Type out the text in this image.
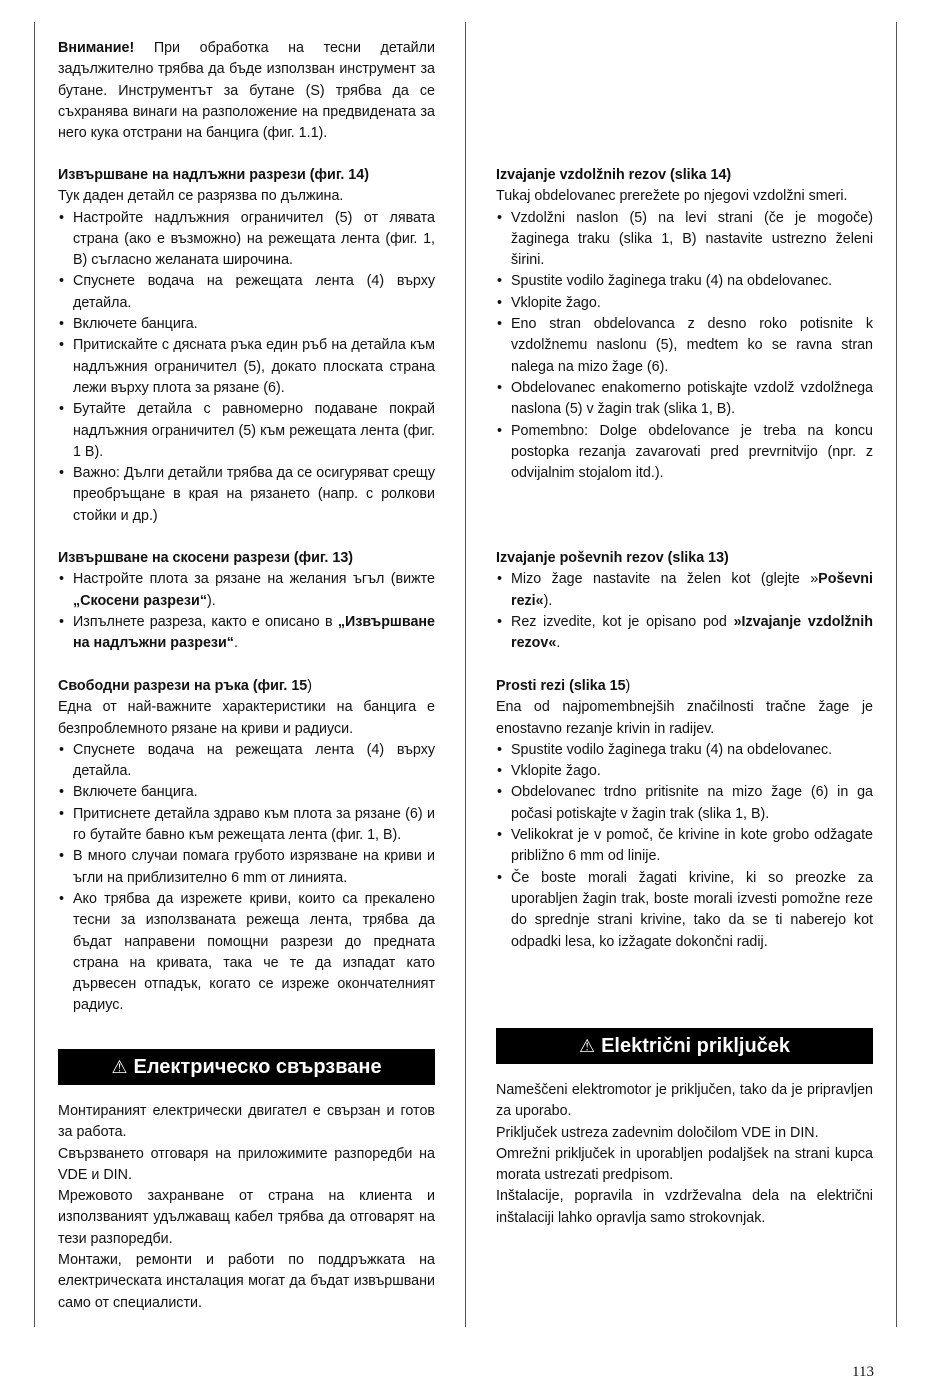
Внимание! При обработка на тесни детайли задължително трябва да бъде използван инструмент за бутане. Инструментът за бутане (S) трябва да се съхранява винаги на разположение на предвидената за него кука отстрани на банцига (фиг. 1.1).

Извършване на надлъжни разрези (фиг. 14)

Тук даден детайл се разрязва по дължина.

• Настройте надлъжния ограничител (5) от лявата страна (ако е възможно) на режещата лента (фиг. 1, В) съгласно желаната широчина.
• Спуснете водача на режещата лента (4) върху детайла.
• Включете банцига.
• Притискайте с дясната ръка един ръб на детайла към надлъжния ограничител (5), докато плоската страна лежи върху плота за рязане (6).
• Бутайте детайла с равномерно подаване покрай надлъжния ограничител (5) към режещата лента (фиг. 1 В).
• Важно: Дълги детайли трябва да се осигуряват срещу преобръщане в края на рязането (напр. с ролкови стойки и др.)
Извършване на скосени разрези (фиг. 13)
• Настройте плота за рязане на желания ъгъл (вижте „Скосени разрези“).
• Изпълнете разреза, както е описано в „Извършване на надлъжни разрези“.
Свободни разрези на ръка (фиг. 15)

Една от най-важните характеристики на банцига е безпроблемното рязане на криви и радиуси.

• Спуснете водача на режещата лента (4) върху детайла.
• Включете банцига.
• Притиснете детайла здраво към плота за рязане (6) и го бутайте бавно към режещата лента (фиг. 1, В).
• В много случаи помага грубото изрязване на криви и ъгли на приблизително 6 mm от линията.
• Ако трябва да изрежете криви, които са прекалено тесни за използваната режеща лента, трябва да бъдат направени помощни разрези до предната страна на кривата, така че те да изпадат като дървесен отпадък, когато се изреже окончателният радиус.
⚠ Електрическо свързване

Монтираният електрически двигател е свързан и готов за работа.

Свързването отговаря на приложимите разпоредби на VDE и DIN.

Мрежовото захранване от страна на клиента и използваният удължаващ кабел трябва да отговарят на тези разпоредби.

Монтажи, ремонти и работи по поддръжката на електрическата инсталация могат да бъдат извършвани само от специалисти.

Izvajanje vzdolžnih rezov (slika 14)

Tukaj obdelovanec prerežete po njegovi vzdolžni smeri.

• Vzdolžni naslon (5) na levi strani (če je mogoče) žaginega traku (slika 1, B) nastavite ustrezno želeni širini.
• Spustite vodilo žaginega traku (4) na obdelovanec.
• Vklopite žago.
• Eno stran obdelovanca z desno roko potisnite k vzdolžnemu naslonu (5), medtem ko se ravna stran nalega na mizo žage (6).
• Obdelovanec enakomerno potiskajte vzdolž vzdolžnega naslona (5) v žagin trak (slika 1, B).
• Pomembno: Dolge obdelovance je treba na koncu postopka rezanja zavarovati pred prevrnitvijo (npr. z odvijalnim stojalom itd.).
Izvajanje poševnih rezov (slika 13)
• Mizo žage nastavite na želen kot (glejte »Poševni rezi«).
• Rez izvedite, kot je opisano pod »Izvajanje vzdolžnih rezov«.
Prosti rezi (slika 15)

Ena od najpomembnejših značilnosti tračne žage je enostavno rezanje krivin in radijev.

• Spustite vodilo žaginega traku (4) na obdelovanec.
• Vklopite žago.
• Obdelovanec trdno pritisnite na mizo žage (6) in ga počasi potiskajte v žagin trak (slika 1, B).
• Velikokrat je v pomoč, če krivine in kote grobo odžagate približno 6 mm od linije.
• Če boste morali žagati krivine, ki so preozke za uporabljen žagin trak, boste morali izvesti pomožne reze do sprednje strani krivine, tako da se ti naberejo kot odpadki lesa, ko izžagate dokončni radij.
⚠ Električni priključek

Nameščeni elektromotor je priključen, tako da je pripravljen za uporabo.

Priključek ustreza zadevnim določilom VDE in DIN.

Omrežni priključek in uporabljen podaljšek na strani kupca morata ustrezati predpisom.

Inštalacije, popravila in vzdrževalna dela na električni inštalaciji lahko opravlja samo strokovnjak.

113
